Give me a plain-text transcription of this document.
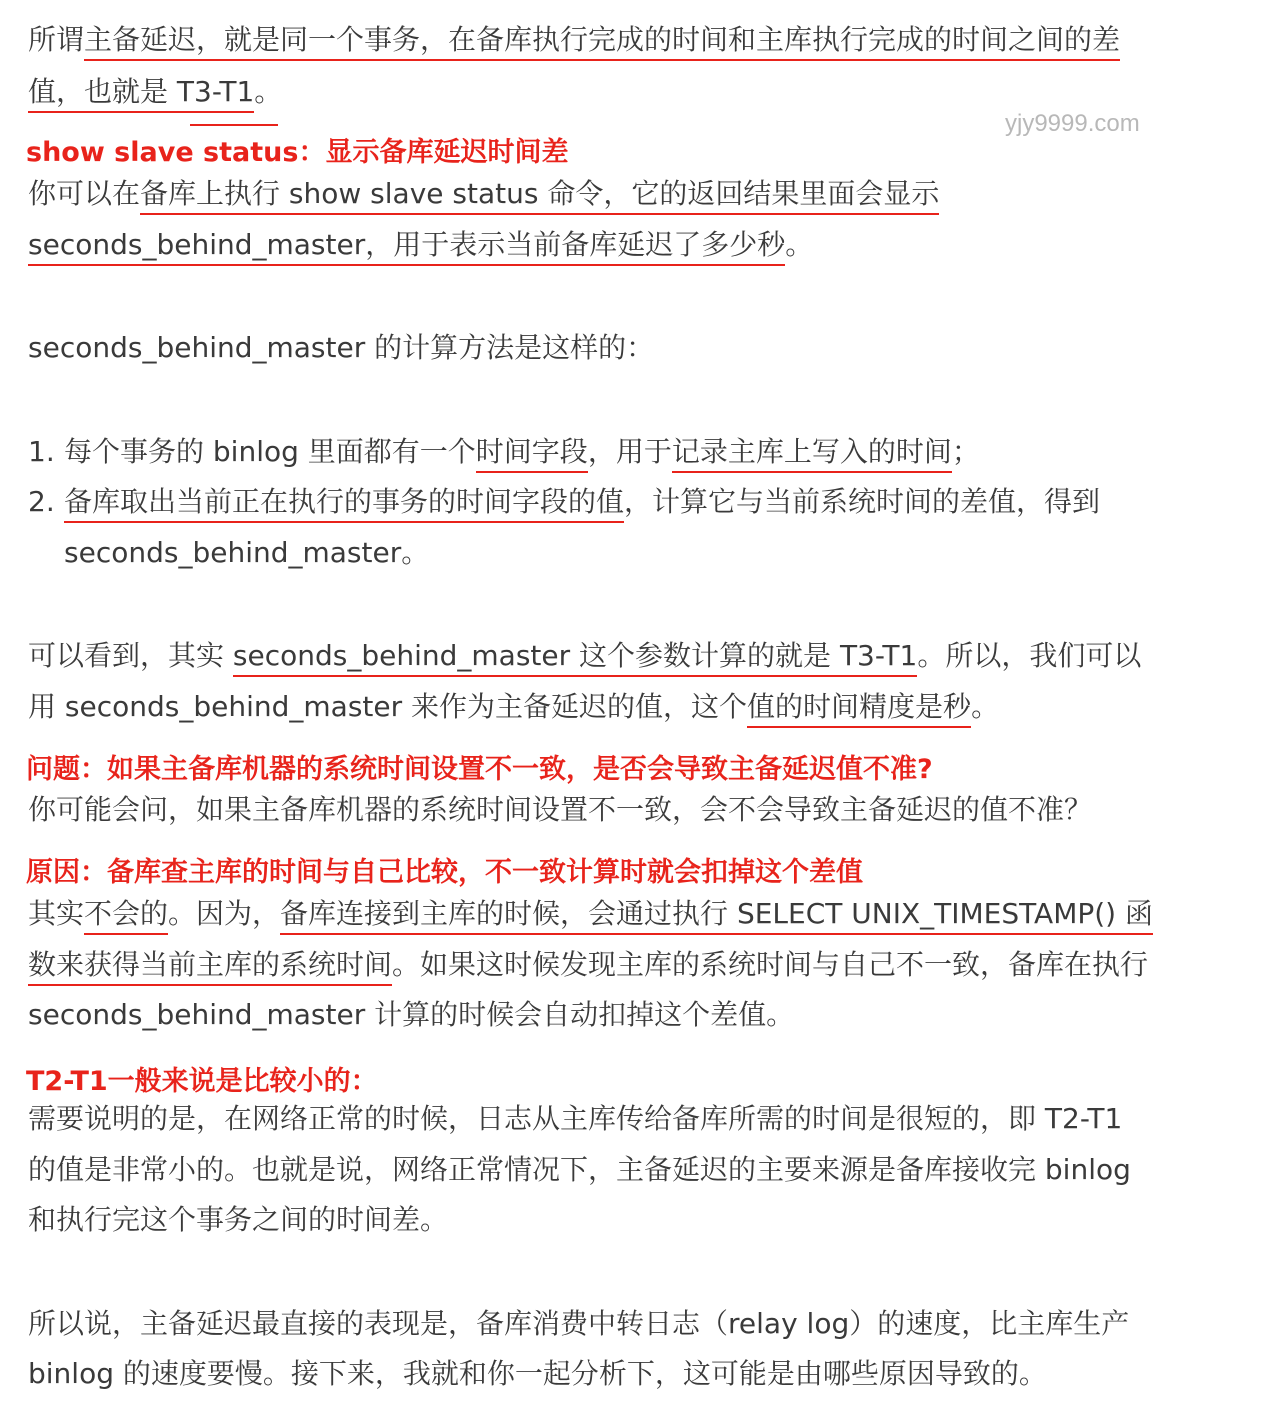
yjy9999.com
所谓主备延迟，就是同一个事务，在备库执行完成的时间和主库执行完成的时间之间的差
值，也就是 T3-T1。
show slave status：显示备库延迟时间差
你可以在备库上执行 show slave status 命令，它的返回结果里面会显示
seconds_behind_master，用于表示当前备库延迟了多少秒。
seconds_behind_master 的计算方法是这样的：
1. 每个事务的 binlog 里面都有一个时间字段，用于记录主库上写入的时间；
2. 备库取出当前正在执行的事务的时间字段的值，计算它与当前系统时间的差值，得到
seconds_behind_master。
可以看到，其实 seconds_behind_master 这个参数计算的就是 T3-T1。所以，我们可以
用 seconds_behind_master 来作为主备延迟的值，这个值的时间精度是秒。
问题：如果主备库机器的系统时间设置不一致，是否会导致主备延迟值不准?
你可能会问，如果主备库机器的系统时间设置不一致，会不会导致主备延迟的值不准？
原因：备库查主库的时间与自己比较，不一致计算时就会扣掉这个差值
其实不会的。因为，备库连接到主库的时候，会通过执行 SELECT UNIX_TIMESTAMP() 函
数来获得当前主库的系统时间。如果这时候发现主库的系统时间与自己不一致，备库在执行
seconds_behind_master 计算的时候会自动扣掉这个差值。
T2-T1一般来说是比较小的：
需要说明的是，在网络正常的时候，日志从主库传给备库所需的时间是很短的，即 T2-T1
的值是非常小的。也就是说，网络正常情况下，主备延迟的主要来源是备库接收完 binlog
和执行完这个事务之间的时间差。
所以说，主备延迟最直接的表现是，备库消费中转日志（relay log）的速度，比主库生产
binlog 的速度要慢。接下来，我就和你一起分析下，这可能是由哪些原因导致的。
